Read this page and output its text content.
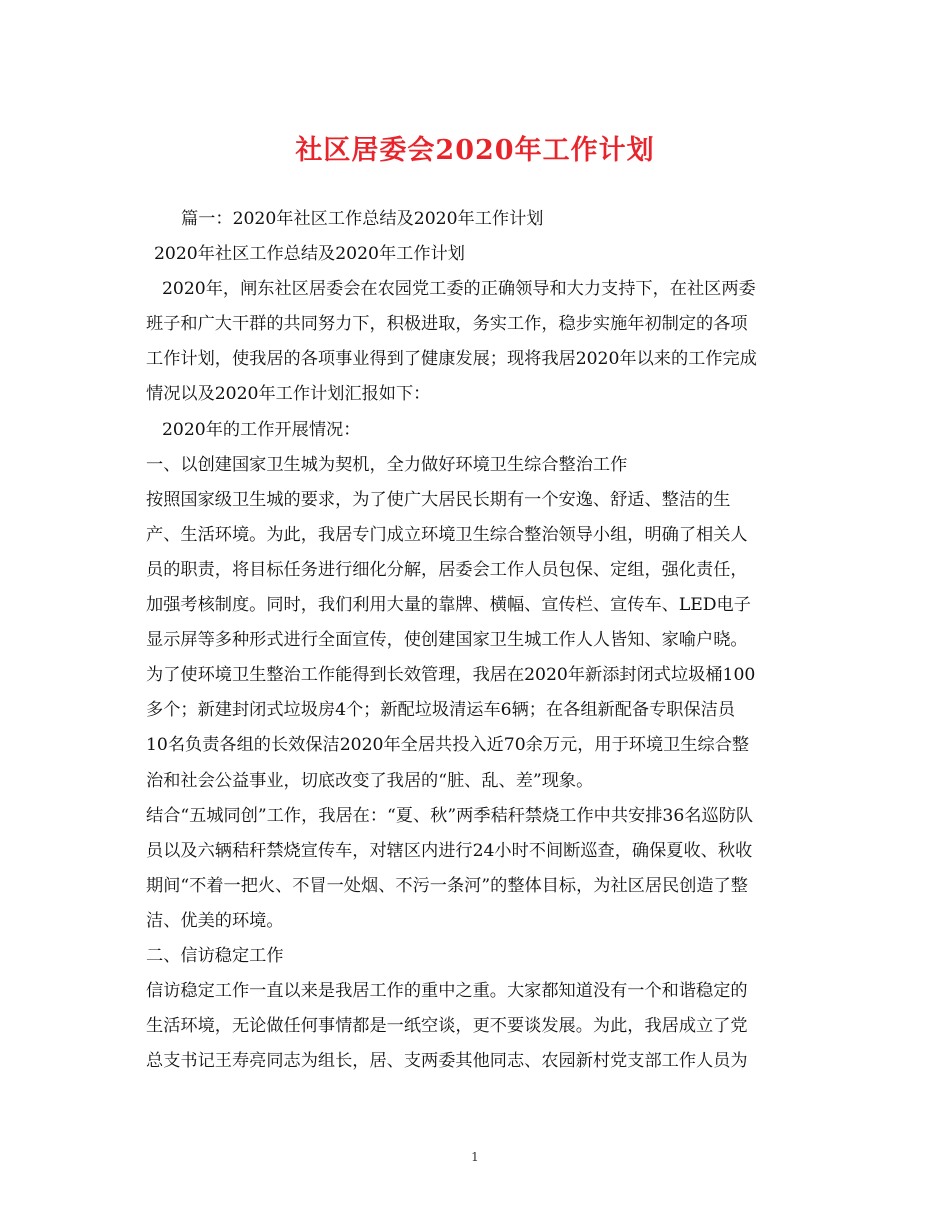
社区居委会2020年工作计划
篇一：2020年社区工作总结及2020年工作计划
2020年社区工作总结及2020年工作计划
2020年，闸东社区居委会在农园党工委的正确领导和大力支持下，在社区两委
班子和广大干群的共同努力下，积极进取，务实工作，稳步实施年初制定的各项
工作计划，使我居的各项事业得到了健康发展；现将我居2020年以来的工作完成
情况以及2020年工作计划汇报如下：
2020年的工作开展情况：
一、以创建国家卫生城为契机，全力做好环境卫生综合整治工作
按照国家级卫生城的要求，为了使广大居民长期有一个安逸、舒适、整洁的生
产、生活环境。为此，我居专门成立环境卫生综合整治领导小组，明确了相关人
员的职责，将目标任务进行细化分解，居委会工作人员包保、定组，强化责任，
加强考核制度。同时，我们利用大量的靠牌、横幅、宣传栏、宣传车、LED电子
显示屏等多种形式进行全面宣传，使创建国家卫生城工作人人皆知、家喻户晓。
为了使环境卫生整治工作能得到长效管理，我居在2020年新添封闭式垃圾桶100
多个；新建封闭式垃圾房4个；新配垃圾清运车6辆；在各组新配备专职保洁员
10名负责各组的长效保洁2020年全居共投入近70余万元，用于环境卫生综合整
治和社会公益事业，切底改变了我居的“脏、乱、差”现象。
结合“五城同创”工作，我居在：“夏、秋”两季秸秆禁烧工作中共安排36名巡防队
员以及六辆秸秆禁烧宣传车，对辖区内进行24小时不间断巡查，确保夏收、秋收
期间“不着一把火、不冒一处烟、不污一条河”的整体目标，为社区居民创造了整
洁、优美的环境。
二、信访稳定工作
信访稳定工作一直以来是我居工作的重中之重。大家都知道没有一个和谐稳定的
生活环境，无论做任何事情都是一纸空谈，更不要谈发展。为此，我居成立了党
总支书记王寿亮同志为组长，居、支两委其他同志、农园新村党支部工作人员为
1
